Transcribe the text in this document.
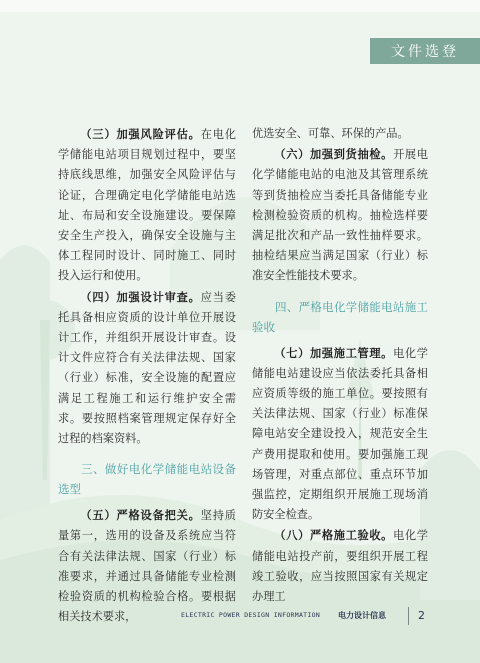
文件选登

（三）加强风险评估。在电化学储能电站项目规划过程中，要坚持底线思维，加强安全风险评估与论证，合理确定电化学储能电站选址、布局和安全设施建设。要保障安全生产投入，确保安全设施与主体工程同时设计、同时施工、同时投入运行和使用。

（四）加强设计审查。应当委托具备相应资质的设计单位开展设计工作，并组织开展设计审查。设计文件应符合有关法律法规、国家（行业）标准，安全设施的配置应满足工程施工和运行维护安全需求。要按照档案管理规定保存好全过程的档案资料。

三、做好电化学储能电站设备选型

（五）严格设备把关。坚持质量第一，选用的设备及系统应当符合有关法律法规、国家（行业）标准要求，并通过具备储能专业检测检验资质的机构检验合格。要根据相关技术要求，

优选安全、可靠、环保的产品。

（六）加强到货抽检。开展电化学储能电站的电池及其管理系统等到货抽检应当委托具备储能专业检测检验资质的机构。抽检选样要满足批次和产品一致性抽样要求。抽检结果应当满足国家（行业）标准安全性能技术要求。

四、严格电化学储能电站施工验收

（七）加强施工管理。电化学储能电站建设应当依法委托具备相应资质等级的施工单位。要按照有关法律法规、国家（行业）标准保障电站安全建设投入，规范安全生产费用提取和使用。要加强施工现场管理，对重点部位、重点环节加强监控，定期组织开展施工现场消防安全检查。

（八）严格施工验收。电化学储能电站投产前，要组织开展工程竣工验收，应当按照国家有关规定办理工

ELECTRIC POWER DESIGN INFORMATION 电力设计信息	2
